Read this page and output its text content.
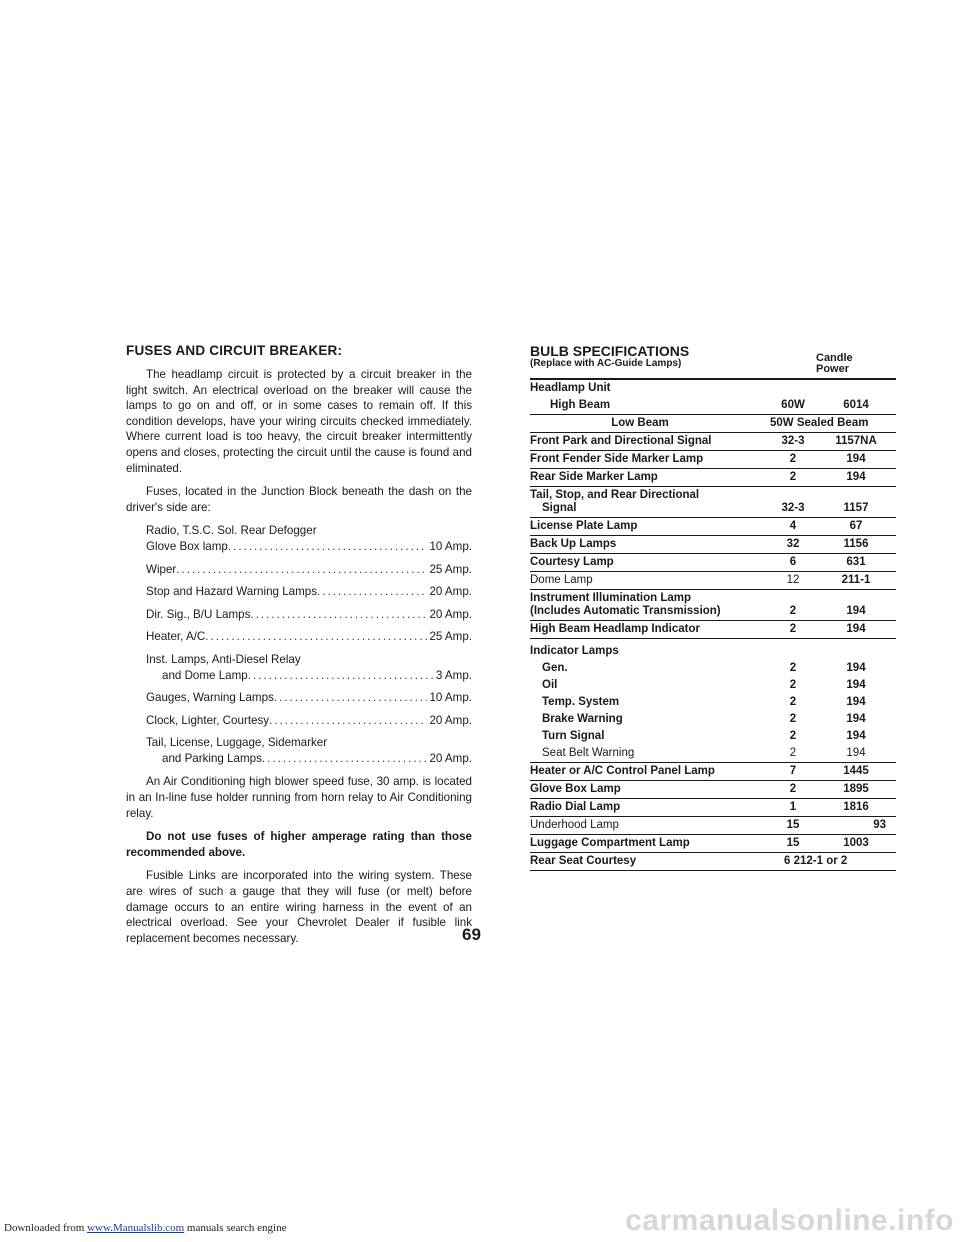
FUSES AND CIRCUIT BREAKER:

The headlamp circuit is protected by a circuit breaker in the light switch. An electrical overload on the breaker will cause the lamps to go on and off, or in some cases to remain off. If this condition develops, have your wiring circuits checked immediately. Where current load is too heavy, the circuit breaker intermittently opens and closes, protecting the circuit until the cause is found and eliminated.

Fuses, located in the Junction Block beneath the dash on the driver's side are:

Radio, T.S.C. Sol. Rear Defogger
Glove Box lamp .....	10 Amp.
Wiper .....	25 Amp.
Stop and Hazard Warning Lamps .....	20 Amp.
Dir. Sig., B/U Lamps .....	20 Amp.
Heater, A/C .....	25 Amp.
Inst. Lamps, Anti-Diesel Relay
and Dome Lamp .....	3 Amp.
Gauges, Warning Lamps .....	10 Amp.
Clock, Lighter, Courtesy .....	20 Amp.
Tail, License, Luggage, Sidemarker
and Parking Lamps .....	20 Amp.

An Air Conditioning high blower speed fuse, 30 amp. is located in an In-line fuse holder running from horn relay to Air Conditioning relay.

Do not use fuses of higher amperage rating than those recommended above.

Fusible Links are incorporated into the wiring system. These are wires of such a gauge that they will fuse (or melt) before damage occurs to an entire wiring harness in the event of an electrical overload. See your Chevrolet Dealer if fusible link replacement becomes necessary.

BULB SPECIFICATIONS
(Replace with AC-Guide Lamps)	Candle
Power
Headlamp Unit
High Beam	60W	6014
Low Beam	50W Sealed Beam
Front Park and Directional Signal	32-3	1157NA
Front Fender Side Marker Lamp	2	194
Rear Side Marker Lamp	2	194
Tail, Stop, and Rear Directional
Signal	32-3	1157
License Plate Lamp	4	67
Back Up Lamps	32	1156
Courtesy Lamp	6	631
Dome Lamp	12	211-1
Instrument Illumination Lamp
(Includes Automatic Transmission)	2	194
High Beam Headlamp Indicator	2	194
Indicator Lamps
Gen.	2	194
Oil	2	194
Temp. System	2	194
Brake Warning	2	194
Turn Signal	2	194
Seat Belt Warning	2	194
Heater or A/C Control Panel Lamp	7	1445
Glove Box Lamp	2	1895
Radio Dial Lamp	1	1816
Underhood Lamp	15	93
Luggage Compartment Lamp	15	1003
Rear Seat Courtesy	6 212-1 or 2
69
Downloaded from www.Manualslib.com manuals search engine	carmanualsonline.info
